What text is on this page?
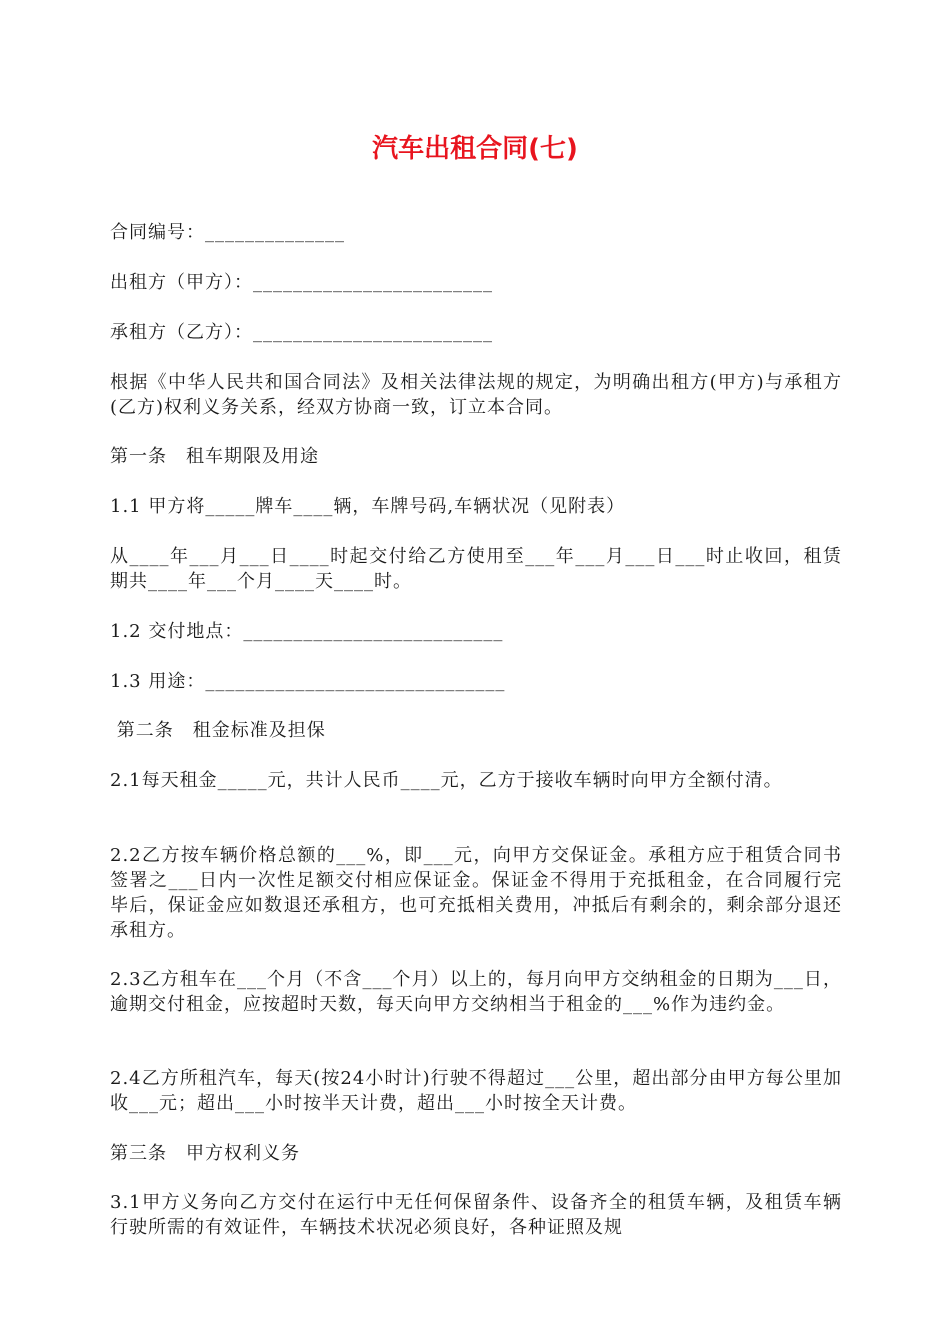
汽车出租合同(七)
合同编号：______________
出租方（甲方）：________________________
承租方（乙方）：________________________
根据《中华人民共和国合同法》及相关法律法规的规定，为明确出租方(甲方)与承租方(乙方)权利义务关系，经双方协商一致，订立本合同。
第一条　租车期限及用途
1.1 甲方将_____牌车____辆，车牌号码,车辆状况（见附表）
从____年___月___日____时起交付给乙方使用至___年___月___日___时止收回，租赁期共____年___个月____天____时。
1.2 交付地点：__________________________
1.3 用途：______________________________
第二条　租金标准及担保
2.1每天租金_____元，共计人民币____元，乙方于接收车辆时向甲方全额付清。
2.2乙方按车辆价格总额的___%，即___元，向甲方交保证金。承租方应于租赁合同书签署之___日内一次性足额交付相应保证金。保证金不得用于充抵租金，在合同履行完毕后，保证金应如数退还承租方，也可充抵相关费用，冲抵后有剩余的，剩余部分退还承租方。
2.3乙方租车在___个月（不含___个月）以上的，每月向甲方交纳租金的日期为___日，逾期交付租金，应按超时天数，每天向甲方交纳相当于租金的___%作为违约金。
2.4乙方所租汽车，每天(按24小时计)行驶不得超过___公里，超出部分由甲方每公里加收___元；超出___小时按半天计费，超出___小时按全天计费。
第三条　甲方权利义务
3.1甲方义务向乙方交付在运行中无任何保留条件、设备齐全的租赁车辆，及租赁车辆行驶所需的有效证件，车辆技术状况必须良好，各种证照及规
